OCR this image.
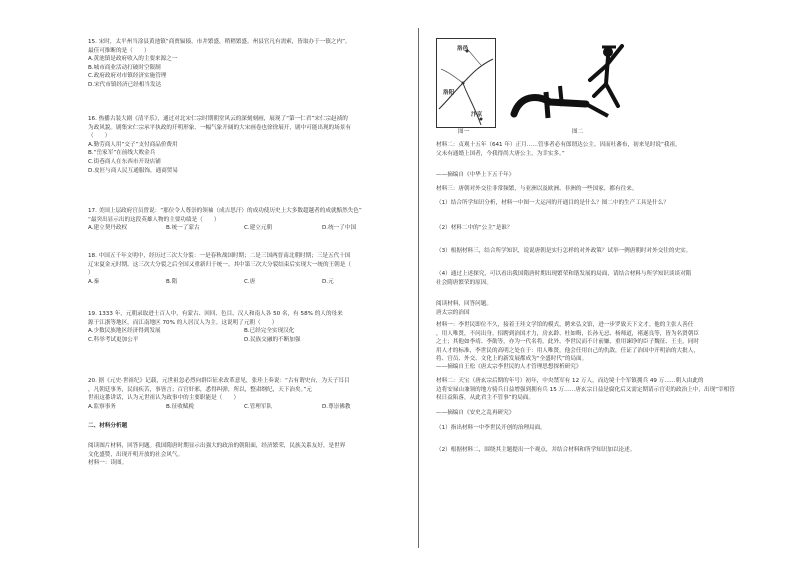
15. 宋时，太平州当涂县黄池镇“商贾辐辏，市井繁盛，稍稍繁盛。州县官凡有需索，皆取办于一镇之内”。
最佳可推断的是（　　）
A.黄池镇是政府收入的主要来源之一
B.城市商业活动打破时空限制
C.政府政府对市镇经济实施管理
D.宋代市镇经济已经相当发达
16. 热播古装大剧《清平乐》，通过对北宋仁宗时期朝堂风云的深刻刻画，展现了“第一仁君”宋仁宗赵祯的
为政风貌。剧集宋仁宗承平执政的开明形象，一幅气象开阔的大宋画卷也徐徐展开，剧中可能出现的场景有
（　　）
A.勤劳商人用“交子”支付商品价费用
B.“岳家军”在前线大败金兵
C.街巷商人在东西市开设店铺
D.皮匠与商人民互通服饰，通商贸易
17. 美国上层政府官员曾说：“那位令人尊崇的领袖（成吉思汗）的成功使历史上大多数超越者的成就黯然失色”
“最突出显示出的这段英雄人物的主要功绩是（　　）
A.建立契丹政权	B.统一了蒙古	C.建立元朝	D.统一了中国
18. 中国五千年文明中，经历过三次大分裂：一是春秋战国时期；二是三国两晋南北朝时期；三是五代十国
辽宋夏金元时期。这三次大分裂之后全国又重新归于统一。其中第三次大分裂结束后实现大一统的王朝是（
）
A.秦	B.隋	C.唐	D.元
19. 1333 年，元朝录取进士百人中，有蒙古、回回、色目、汉人和南人各 50 名，有 58% 的人的母来
源于江浙等地区，而江南地区 70% 的人居汉人为主。这说明了元朝（　　）
A.少数民族地区经济得到发展	B.已经完全实现汉化
C.科举考试更加公平	D.民族交融的不断加强
20. 据《元史·世祖纪》记载，元世祖忽必烈向群臣征求改革意见，张珪上奏说：“古有谓史台，为天子耳目
，凡朝廷事务，民间疾苦，事皆言；百官奸邪，悉得纠弹，所以，整肃纲纪，天下治矣。”元
世祖这番讲话，认为元世祖认为政事中的主要职能是（　　）
A.监察事务	B.征收赋税	C.管理军队	D.尊崇佛教
二、材料分析题
阅读图片材料，回答问题。我国隋唐时期显示出强大的政治的朝阳面，经济繁荣，民族关系友好，是世界
文化盛赞，出现开明开放的社会风气。
材料一：读图。
洛邑
洛阳
汴京
图一	图二
材料二：贞观十五年（641 年）正月……管事者必有郎谓达公主。因而吐蕃布，初来见时说“我祖，
父未有通婚上国者，今我得尚大唐公主，为幸实多。”
——摘编自《中华上下五千年》
材料三：唐朝对外交往非常频繁，与亚洲以及欧洲、非洲的一些国家，都有往来。
（1）结合所学知识分析，材料一中图一大运河的开通目的是什么？图二中的生产工具是什么？
（2）材料二中的“公主”是谁？
（3）根据材料三，结合所学知识，说说唐朝是实行怎样的对外政策？试举一例唐朝时对外交往的史实。
（4）通过上述探究，可以看出我国隋唐时期出现繁荣和谐发展的局面，请结合材料与所学知识谈谈对隋
社会隋唐繁荣的原因。
阅读材料，回答问题。
唐太宗的治国
材料一：李世民即位不久，接着王珪文学馆的模式，聘来弘文馆，进一步罗致天下文才。他的主张人善任
，用人唯贤，不问出身。招聘到治国才力，房玄龄、杜如晦，长孙无忌、杨师道，褚遂良等，皆为名贤朝臣
之士；其他如李靖、李勣等，亦为一代名将。此外，李世民而不计前嫌，重用谏诤的臣子魏征、王圭，同时
用人才的标准，李世民的高明之处在于：用人唯贤，他会任用自己的仇敌，任证了治国中开明治的大批人，
将、官员、外交、文化上的新发展都成为“全盛时代”的局面。
——摘编自王松《唐太宗李世民的人才管理思想探析研究》
材料二：天宝（唐玄宗后期的年号）初年，中央禁军有 12 万人，而边境十个军镇拥兵 49 万……朝人由此的
边将安禄山兼领的地方骑兵日益增强到拥有兵 15 万……唐玄宗日益是腐化后又需定期请示官吏的政治上中，出现“宰相管
权日益陷落，从此君主不管事”的局面。
——摘编自《安史之乱再研究》
（1）指出材料一中李世民开创的治理局面。
（2）根据材料二，围绕其主题提出一个观点，并结合材料和所学知识加以论述。
